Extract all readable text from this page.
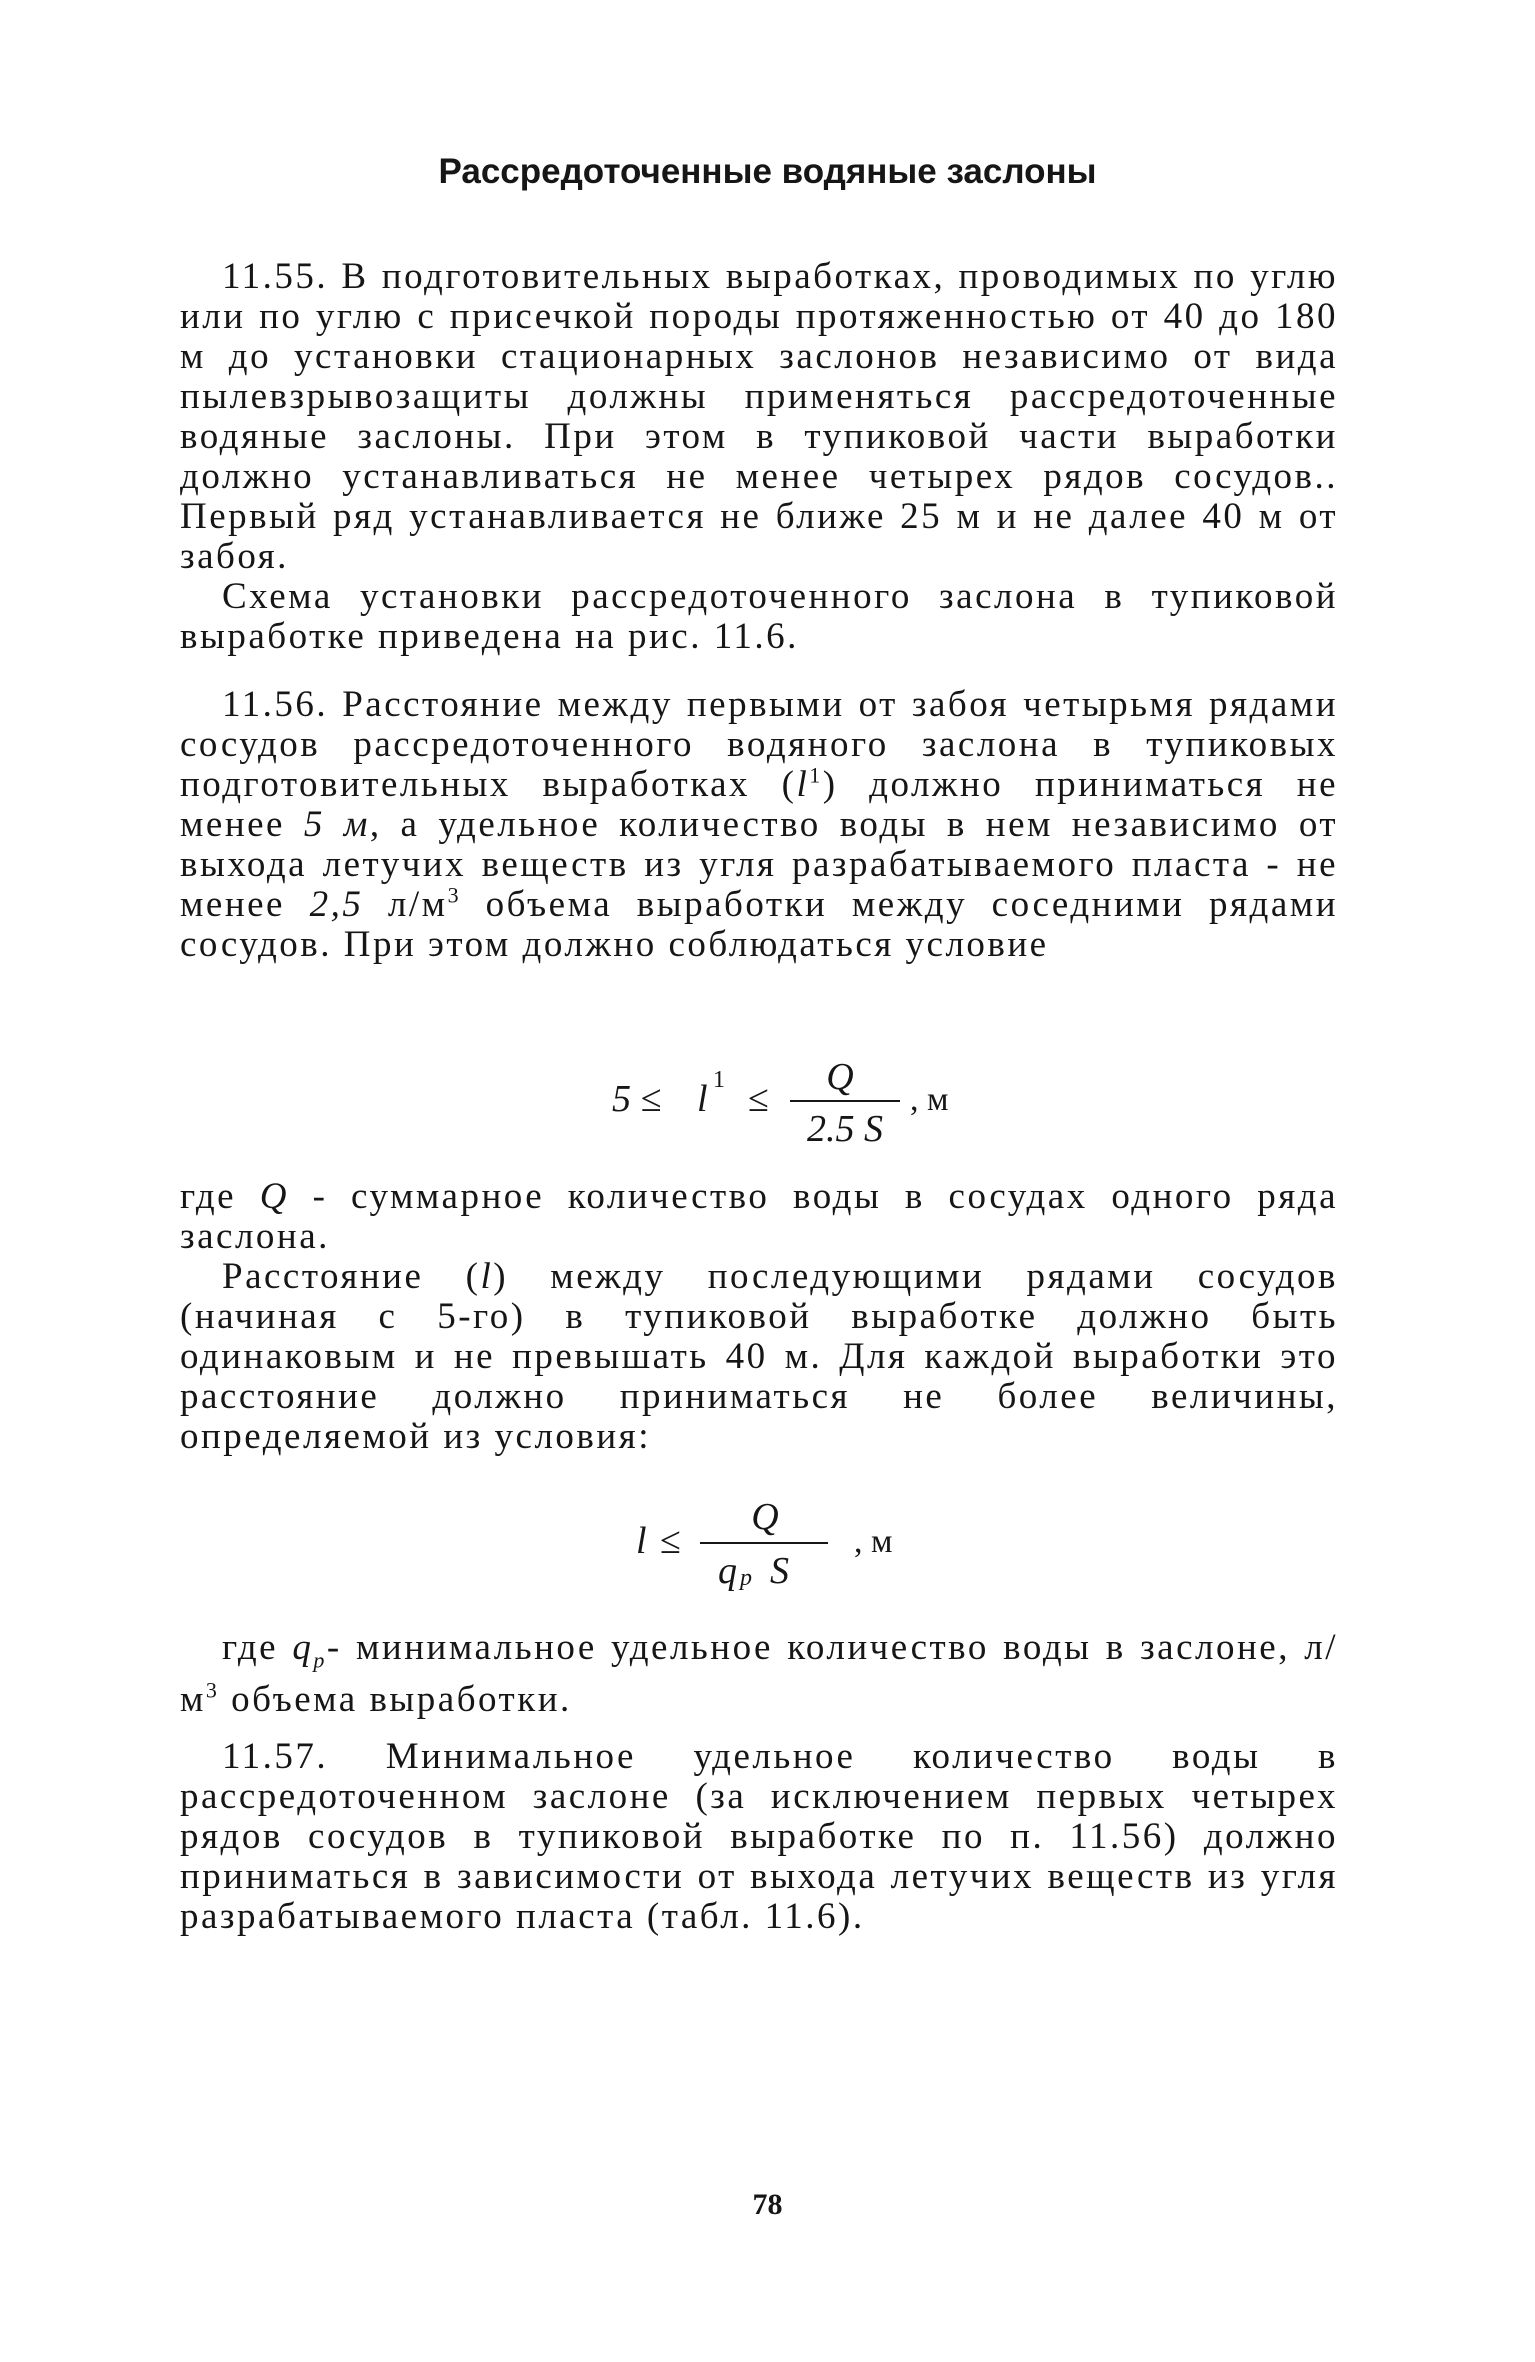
Рассредоточенные водяные заслоны

11.55. В подготовительных выработках, проводимых по углю или по углю с присечкой породы протяженностью от 40 до 180 м до установки стационарных заслонов независимо от вида пылевзрывозащиты должны применяться рассредоточенные водяные заслоны. При этом в тупиковой части выработки должно устанавливаться не менее четырех рядов сосудов.. Первый ряд устанавливается не ближе 25 м и не далее 40 м от забоя.

Схема установки рассредоточенного заслона в тупиковой выработке приведена на рис. 11.6.

11.56. Расстояние между первыми от забоя четырьмя рядами сосудов рассредоточенного водяного заслона в тупиковых подготовительных выработках $(l^1)$ должно приниматься не менее 5 м, а удельное количество воды в нем независимо от выхода летучих веществ из угля разрабатываемого пласта - не менее 2,5 $л/м^3$ объема выработки между соседними рядами сосудов. При этом должно соблюдаться условие

5 ≤ l 1 ≤
Q
2.5 S
, м

где Q - суммарное количество воды в сосудах одного ряда заслона.

Расстояние (l) между последующими рядами сосудов (начиная с 5-го) в тупиковой выработке должно быть одинаковым и не превышать 40 м. Для каждой выработки это расстояние должно приниматься не более величины, определяемой из условия:

l ≤
Q
q p S
, м

где $q_p-$ минимальное удельное количество воды в заслоне, $л/м^3$ объема выработки.

11.57. Минимальное удельное количество воды в рассредоточенном заслоне (за исключением первых четырех рядов сосудов в тупиковой выработке по п. 11.56) должно приниматься в зависимости от выхода летучих веществ из угля разрабатываемого пласта (табл. 11.6).

78
